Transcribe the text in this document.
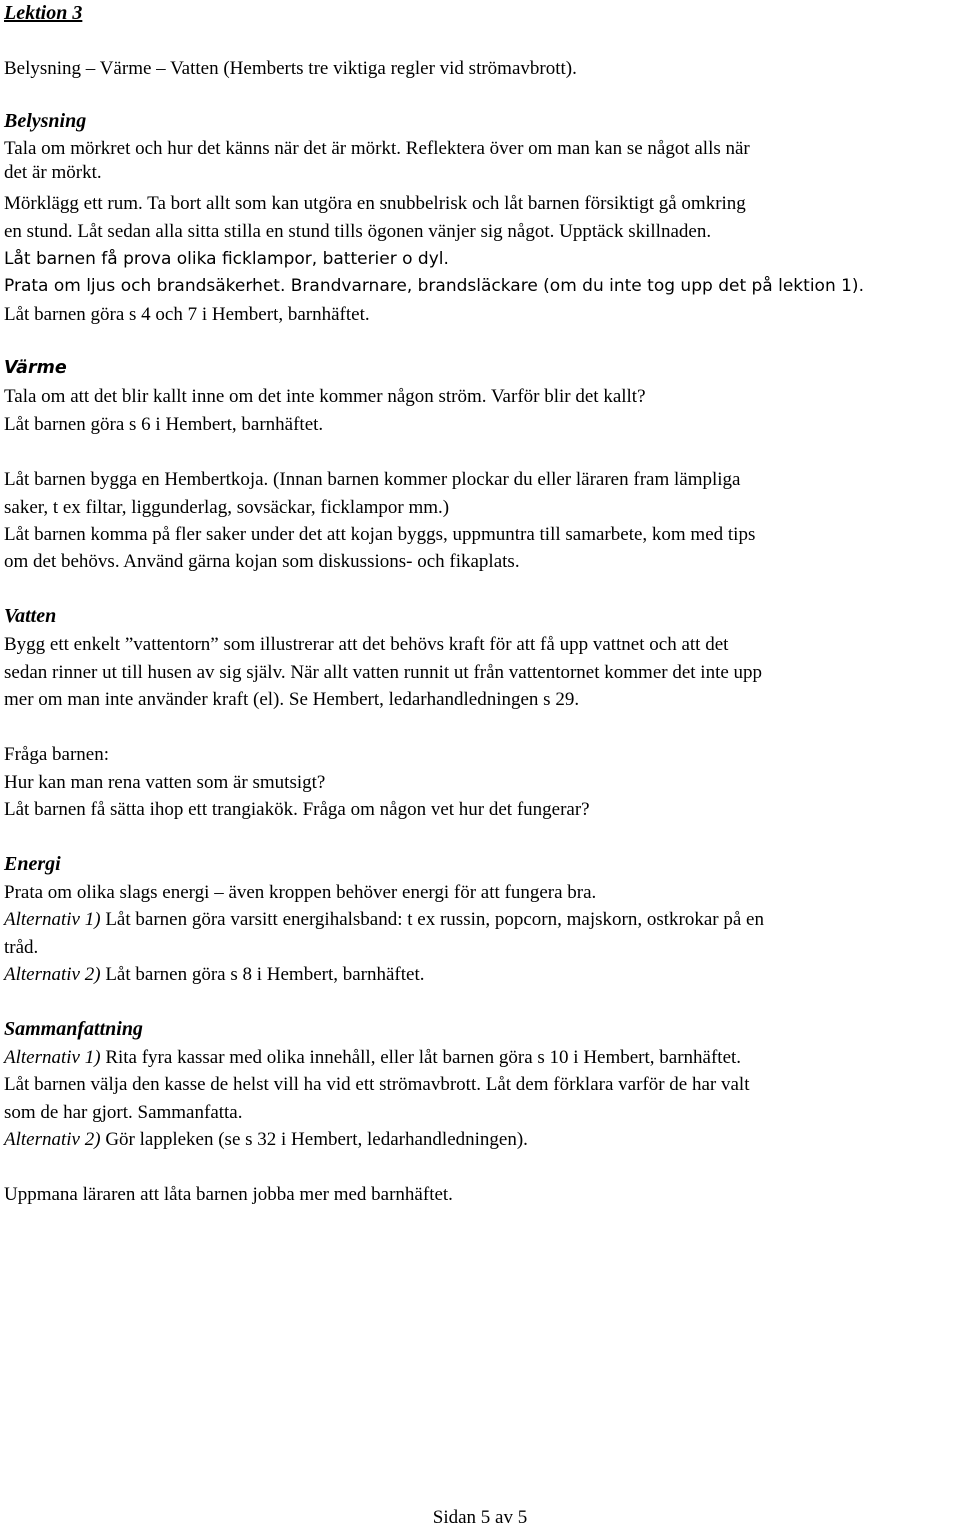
Lektion 3
Belysning – Värme – Vatten (Hemberts tre viktiga regler vid strömavbrott).
Belysning
Tala om mörkret och hur det känns när det är mörkt. Reflektera över om man kan se något alls när
det är mörkt.
Mörklägg ett rum. Ta bort allt som kan utgöra en snubbelrisk och låt barnen försiktigt gå omkring
en stund. Låt sedan alla sitta stilla en stund tills ögonen vänjer sig något. Upptäck skillnaden.
Låt barnen få prova olika ficklampor, batterier o dyl.
Prata om ljus och brandsäkerhet. Brandvarnare, brandsläckare (om du inte tog upp det på lektion 1).
Låt barnen göra s 4 och 7 i Hembert, barnhäftet.
Värme
Tala om att det blir kallt inne om det inte kommer någon ström. Varför blir det kallt?
Låt barnen göra s 6 i Hembert, barnhäftet.
Låt barnen bygga en Hembertkoja. (Innan barnen kommer plockar du eller läraren fram lämpliga
saker, t ex filtar, liggunderlag, sovsäckar, ficklampor mm.)
Låt barnen komma på fler saker under det att kojan byggs, uppmuntra till samarbete, kom med tips
om det behövs. Använd gärna kojan som diskussions- och fikaplats.
Vatten
Bygg ett enkelt ”vattentorn” som illustrerar att det behövs kraft för att få upp vattnet och att det
sedan rinner ut till husen av sig själv. När allt vatten runnit ut från vattentornet kommer det inte upp
mer om man inte använder kraft (el). Se Hembert, ledarhandledningen s 29.
Fråga barnen:
Hur kan man rena vatten som är smutsigt?
Låt barnen få sätta ihop ett trangiakök. Fråga om någon vet hur det fungerar?
Energi
Prata om olika slags energi – även kroppen behöver energi för att fungera bra.
Alternativ 1) Låt barnen göra varsitt energihalsband: t ex russin, popcorn, majskorn, ostkrokar på en
tråd.
Alternativ 2) Låt barnen göra s 8 i Hembert, barnhäftet.
Sammanfattning
Alternativ 1) Rita fyra kassar med olika innehåll, eller låt barnen göra s 10 i Hembert, barnhäftet.
Låt barnen välja den kasse de helst vill ha vid ett strömavbrott. Låt dem förklara varför de har valt
som de har gjort. Sammanfatta.
Alternativ 2) Gör lappleken (se s 32 i Hembert, ledarhandledningen).
Uppmana läraren att låta barnen jobba mer med barnhäftet.
Sidan 5 av 5
